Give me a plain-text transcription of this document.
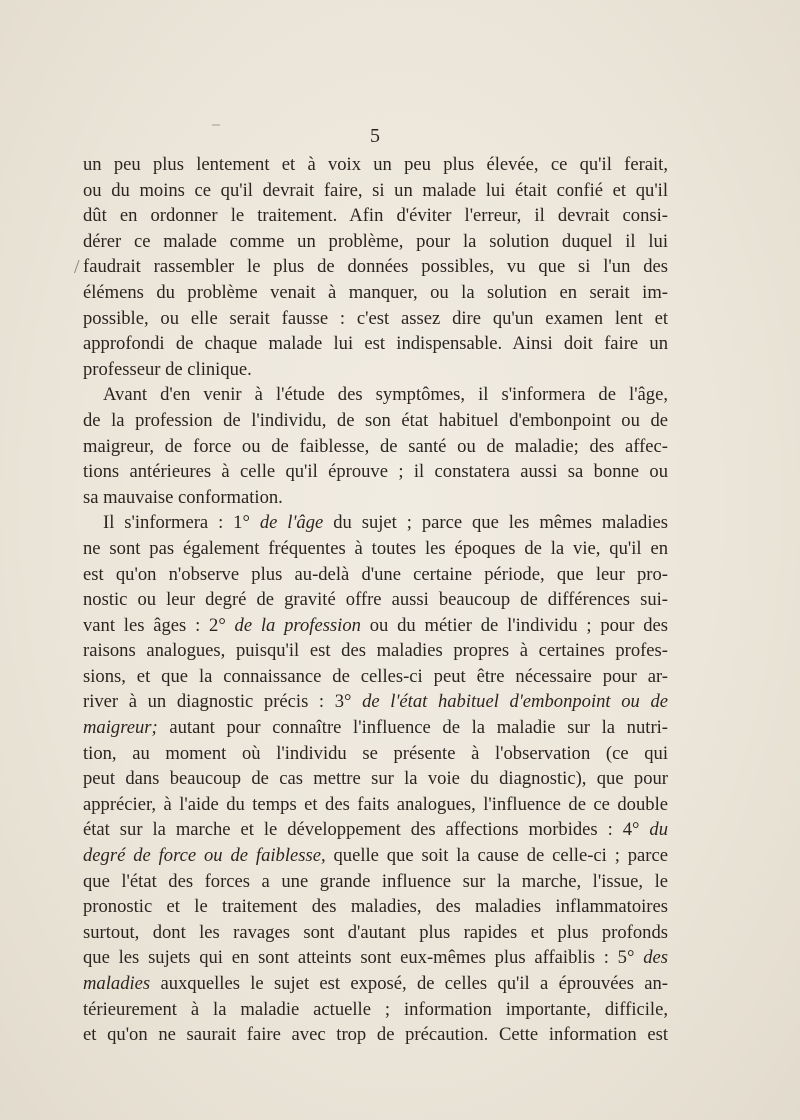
5
/

un peu plus lentement et à voix un peu plus élevée, ce qu'il ferait,
ou du moins ce qu'il devrait faire, si un malade lui était confié et qu'il
dût en ordonner le traitement. Afin d'éviter l'erreur, il devrait consi-
dérer ce malade comme un problème, pour la solution duquel il lui
faudrait rassembler le plus de données possibles, vu que si l'un des
élémens du problème venait à manquer, ou la solution en serait im-
possible, ou elle serait fausse : c'est assez dire qu'un examen lent et
approfondi de chaque malade lui est indispensable. Ainsi doit faire un
professeur de clinique.

Avant d'en venir à l'étude des symptômes, il s'informera de l'âge,
de la profession de l'individu, de son état habituel d'embonpoint ou de
maigreur, de force ou de faiblesse, de santé ou de maladie; des affec-
tions antérieures à celle qu'il éprouve ; il constatera aussi sa bonne ou
sa mauvaise conformation.

Il s'informera : 1° de l'âge du sujet ; parce que les mêmes maladies
ne sont pas également fréquentes à toutes les époques de la vie, qu'il en
est qu'on n'observe plus au-delà d'une certaine période, que leur pro-
nostic ou leur degré de gravité offre aussi beaucoup de différences sui-
vant les âges : 2° de la profession ou du métier de l'individu ; pour des
raisons analogues, puisqu'il est des maladies propres à certaines profes-
sions, et que la connaissance de celles-ci peut être nécessaire pour ar-
river à un diagnostic précis : 3° de l'état habituel d'embonpoint ou de
maigreur; autant pour connaître l'influence de la maladie sur la nutri-
tion, au moment où l'individu se présente à l'observation (ce qui
peut dans beaucoup de cas mettre sur la voie du diagnostic), que pour
apprécier, à l'aide du temps et des faits analogues, l'influence de ce double
état sur la marche et le développement des affections morbides : 4° du
degré de force ou de faiblesse, quelle que soit la cause de celle-ci ; parce
que l'état des forces a une grande influence sur la marche, l'issue, le
pronostic et le traitement des maladies, des maladies inflammatoires
surtout, dont les ravages sont d'autant plus rapides et plus profonds
que les sujets qui en sont atteints sont eux-mêmes plus affaiblis : 5° des
maladies auxquelles le sujet est exposé, de celles qu'il a éprouvées an-
térieurement à la maladie actuelle ; information importante, difficile,
et qu'on ne saurait faire avec trop de précaution. Cette information est
